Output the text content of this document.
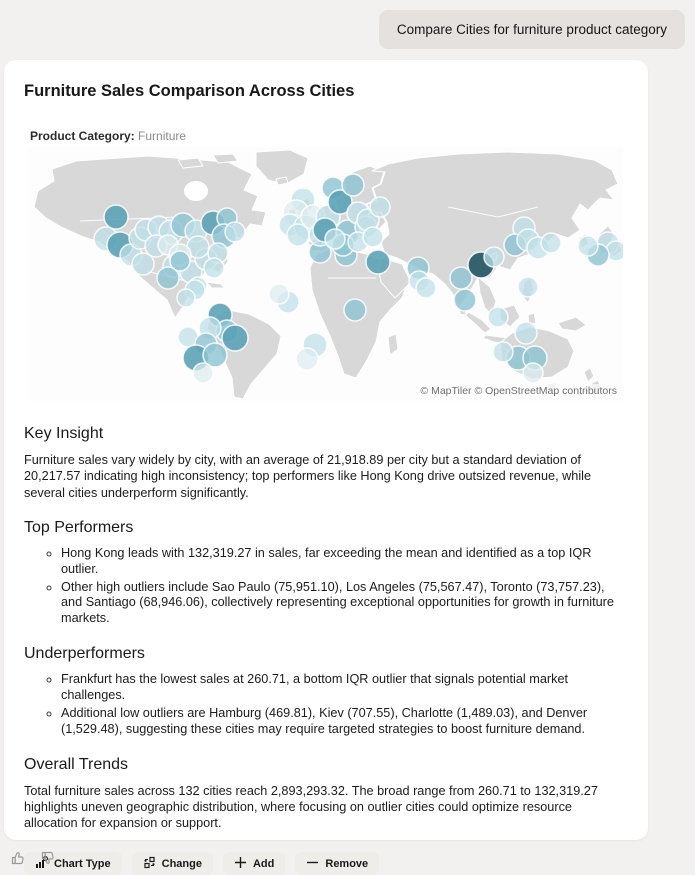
Compare Cities for furniture product category
Furniture Sales Comparison Across Cities
Product Category: Furniture
© MapTiler © OpenStreetMap contributors
Key Insight

Furniture sales vary widely by city, with an average of 21,918.89 per city but a standard deviation of 20,217.57 indicating high inconsistency; top performers like Hong Kong drive outsized revenue, while several cities underperform significantly.

Top Performers
◦ Hong Kong leads with 132,319.27 in sales, far exceeding the mean and identified as a top IQR outlier.
◦ Other high outliers include Sao Paulo (75,951.10), Los Angeles (75,567.47), Toronto (73,757.23), and Santiago (68,946.06), collectively representing exceptional opportunities for growth in furniture markets.
Underperformers
◦ Frankfurt has the lowest sales at 260.71, a bottom IQR outlier that signals potential market challenges.
◦ Additional low outliers are Hamburg (469.81), Kiev (707.55), Charlotte (1,489.03), and Denver (1,529.48), suggesting these cities may require targeted strategies to boost furniture demand.
Overall Trends

Total furniture sales across 132 cities reach 2,893,293.32. The broad range from 260.71 to 132,319.27 highlights uneven geographic distribution, where focusing on outlier cities could optimize resource allocation for expansion or support.

Chart Type	Change	Add	Remove
